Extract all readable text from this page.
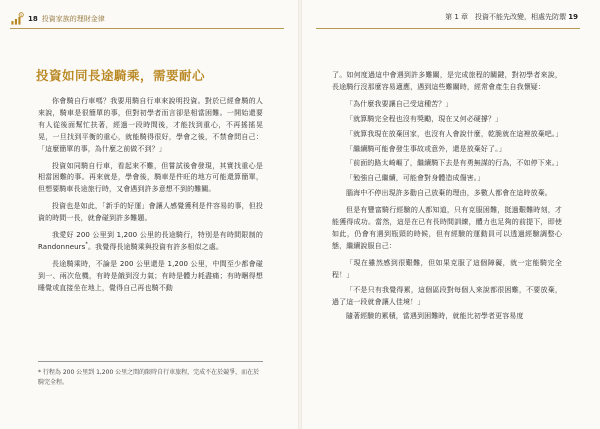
$
18 投資家族的理財金律
投資如同長途騎乘，需要耐心

你會騎自行車嗎？我要用騎自行車來說明投資。對於已經會騎的人來說，騎車是很簡單的事，但對初學者而言卻是相當困難。一開始還要有人從後面幫忙扶著，經過一段時間後，才能找到重心，不再搖搖晃晃，一旦找到平衡的重心，就能騎得很好，學會之後，不禁會問自己：「這麼簡單的事，為什麼之前做不到？」

投資如同騎自行車，看起來不難，但嘗試後會發現，其實找重心是相當困難的事。再來就是，學會後，騎車是件旺的地方可能還算簡單，但想要騎車長途旅行時，又會遇到許多意想不到的難關。

投資也是如此，「新手的好運」會讓人感覺獲利是件容易的事，但投資的時間一長，就會碰到許多難題。

我愛好 200 公里到 1,200 公里的長途騎行，特別是有時間限制的 Randonneurs*。我覺得長途騎乘與投資有許多相似之處。

長途騎乘時，不論是 200 公里還是 1,200 公里，中間至少都會碰到一、兩次危機，有時是餓到沒力氣；有時是體力耗盡痛；有時睏得想睡覺或直接坐在地上，覺得自己再也騎不動

* 行程為 200 公里到 1,200 公里之間的限時自行車旅程，完成不在於競爭，而在於騎完全程。
第 1 章　投資不能先改變，相處先防禦 19

了。如何度過這中會遇到許多難關，是完成旅程的關鍵，對初學者來說，長途騎行沒那麼容易適應，遇到這些難關時，經常會產生自我懷疑：

「為什麼我要讓自己受這種苦？」

「就算騎完全程也沒有獎勵，現在又何必硬撐？」

「就算我現在放棄回家，也沒有人會說什麼，乾脆就在這裡放棄吧。」

「繼續騎可能會發生事故或意外，還是放棄好了。」

「前面的路太崎嶇了，繼續騎下去是有勇無謀的行為，不如停下來。」

「勉強自己繼續，可能會對身體造成傷害。」

腦海中不停出現許多勸自己放棄的理由，多數人都會在這時放棄。

但是有豐富騎行經驗的人都知道，只有克服困難，挺過艱難時刻，才能獲得成功。當然，這是在已有長時間訓練，體力也足夠的前提下，即使如此，仍會有遇到瓶頸的時候，但有經驗的運動員可以透過經驗調整心態，繼續說服自己：

「現在雖然感到很艱難，但如果克服了這個障礙，就一定能騎完全程！」

「不是只有我覺得累，這個區段對每個人來說都很困難，不要放棄，過了這一段就會讓人佳境！」

隨著經驗的累積，當遇到困難時，就能比初學者更容易度
